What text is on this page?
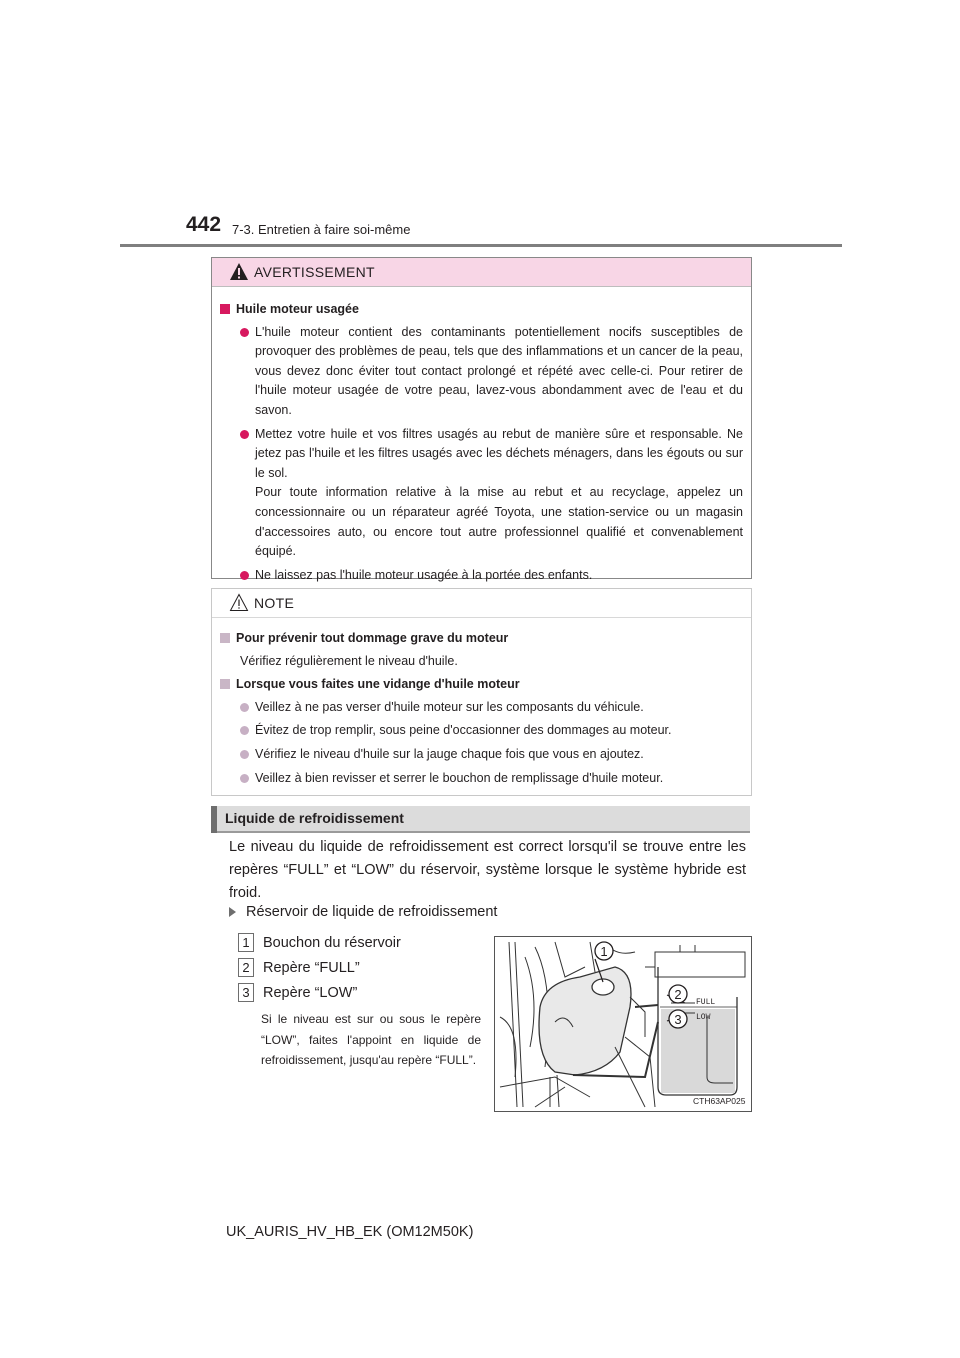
442 7-3. Entretien à faire soi-même
AVERTISSEMENT
Huile moteur usagée
L'huile moteur contient des contaminants potentiellement nocifs susceptibles de provoquer des problèmes de peau, tels que des inflammations et un cancer de la peau, vous devez donc éviter tout contact prolongé et répété avec celle-ci. Pour retirer de l'huile moteur usagée de votre peau, lavez-vous abondamment avec de l'eau et du savon.
Mettez votre huile et vos filtres usagés au rebut de manière sûre et responsable. Ne jetez pas l'huile et les filtres usagés avec les déchets ménagers, dans les égouts ou sur le sol.
Pour toute information relative à la mise au rebut et au recyclage, appelez un concessionnaire ou un réparateur agréé Toyota, une station-service ou un magasin d'accessoires auto, ou encore tout autre professionnel qualifié et convenablement équipé.
Ne laissez pas l'huile moteur usagée à la portée des enfants.
NOTE
Pour prévenir tout dommage grave du moteur
Vérifiez régulièrement le niveau d'huile.
Lorsque vous faites une vidange d'huile moteur
Veillez à ne pas verser d'huile moteur sur les composants du véhicule.
Évitez de trop remplir, sous peine d'occasionner des dommages au moteur.
Vérifiez le niveau d'huile sur la jauge chaque fois que vous en ajoutez.
Veillez à bien revisser et serrer le bouchon de remplissage d'huile moteur.
Liquide de refroidissement
Le niveau du liquide de refroidissement est correct lorsqu'il se trouve entre les repères “FULL” et “LOW” du réservoir, système lorsque le système hybride est froid.
Réservoir de liquide de refroidissement
1 Bouchon du réservoir
2 Repère “FULL”
3 Repère “LOW”
Si le niveau est sur ou sous le repère “LOW”, faites l'appoint en liquide de refroidissement, jusqu'au repère “FULL”.
FULL
LOW
1
2
3
CTH63AP025
UK_AURIS_HV_HB_EK (OM12M50K)
